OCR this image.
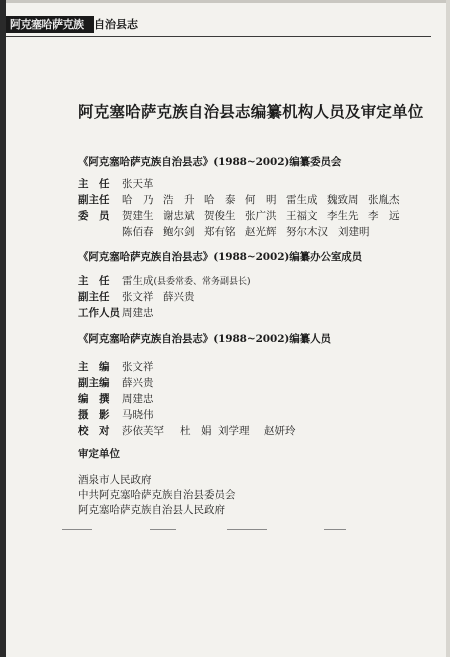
阿克塞哈萨克族 自治县志
阿克塞哈萨克族自治县志编纂机构人员及审定单位
《阿克塞哈萨克族自治县志》(1988~2002)编纂委员会
主　任 张天革
副主任 哈　乃 浩　升 哈　泰 何　明 雷生成 魏致周 张胤杰
委　员 贺建生 谢忠斌 贺俊生 张广洪 王福文 李生先 李　远
陈佰春 鲍尔剑 郑有铭 赵光辉 努尔木汉 刘建明
《阿克塞哈萨克族自治县志》(1988~2002)编纂办公室成员
主　任 雷生成(县委常委、常务副县长)
副主任 张文祥 薛兴贵
工作人员 周建忠
《阿克塞哈萨克族自治县志》(1988~2002)编纂人员
主　编 张文祥
副主编 薛兴贵
编　撰 周建忠
摄　影 马晓伟
校　对 莎依芙罕 杜　娟 刘学理 赵妍玲
审定单位
酒泉市人民政府
中共阿克塞哈萨克族自治县委员会
阿克塞哈萨克族自治县人民政府
